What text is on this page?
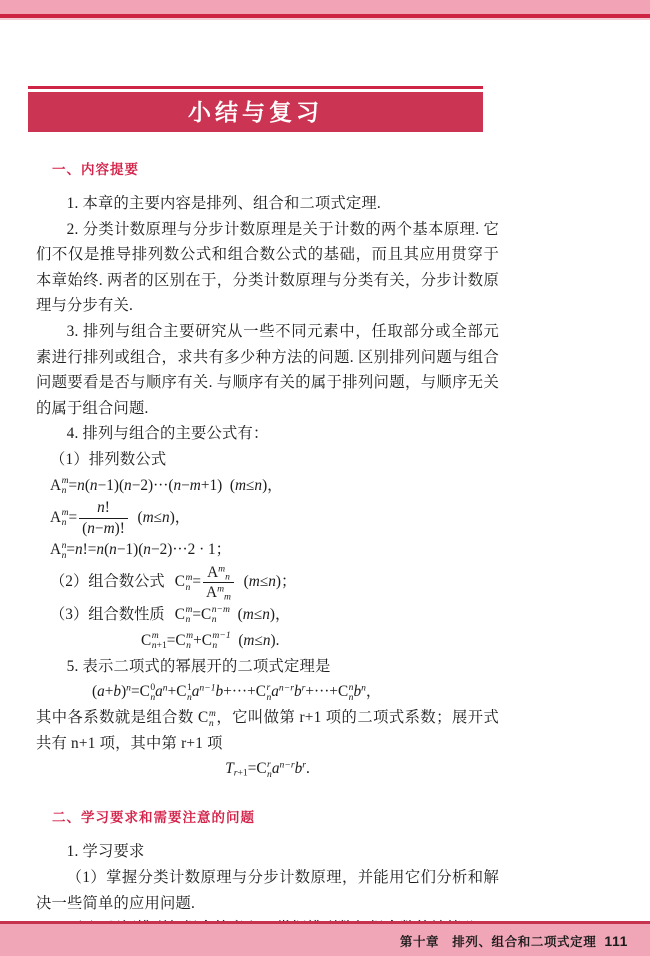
小结与复习
一、内容提要

1. 本章的主要内容是排列、组合和二项式定理.

2. 分类计数原理与分步计数原理是关于计数的两个基本原理. 它们不仅是推导排列数公式和组合数公式的基础，而且其应用贯穿于本章始终. 两者的区别在于，分类计数原理与分类有关，分步计数原理与分步有关.

3. 排列与组合主要研究从一些不同元素中，任取部分或全部元素进行排列或组合，求共有多少种方法的问题. 区别排列问题与组合问题要看是否与顺序有关. 与顺序有关的属于排列问题，与顺序无关的属于组合问题.

4. 排列与组合的主要公式有：

（1）排列数公式

A m
n =n(n−1)(n−2)···(n−m+1)  (m≤n)，
A m
$n = \frac{n!}{(n-m)!} (m\le n)$，
A n
n =n!=n(n−1)(n−2)···2 · 1；
（2）组合数公式 C m
$n = \frac{A^m_n}{A^m_m} (m\le n)$；
（3）组合数性质 C m
n =C n−m
n (m≤n)，
C m
n+1 =C m
n +C m−1
n (m≤n).

5. 表示二项式的幂展开的二项式定理是

$(a+b)^n=C$ 0
n $a^n+C$ 1
n $a^{n-1}b+\cdot\cdot\cdot+C$ r
n $a^{n-r}b^r+\cdot\cdot\cdot+C$ n
n $b^n$，

其中各系数就是组合数 C m
n ，它叫做第 r+1 项的二项式系数；展开式共有 n+1 项，其中第 r+1 项

$T_{r+1}=C$ r
n $a^{n-r}b^r$.
二、学习要求和需要注意的问题

1. 学习要求

（1）掌握分类计数原理与分步计数原理，并能用它们分析和解决一些简单的应用问题.

第十章　排列、组合和二项式定理 111
